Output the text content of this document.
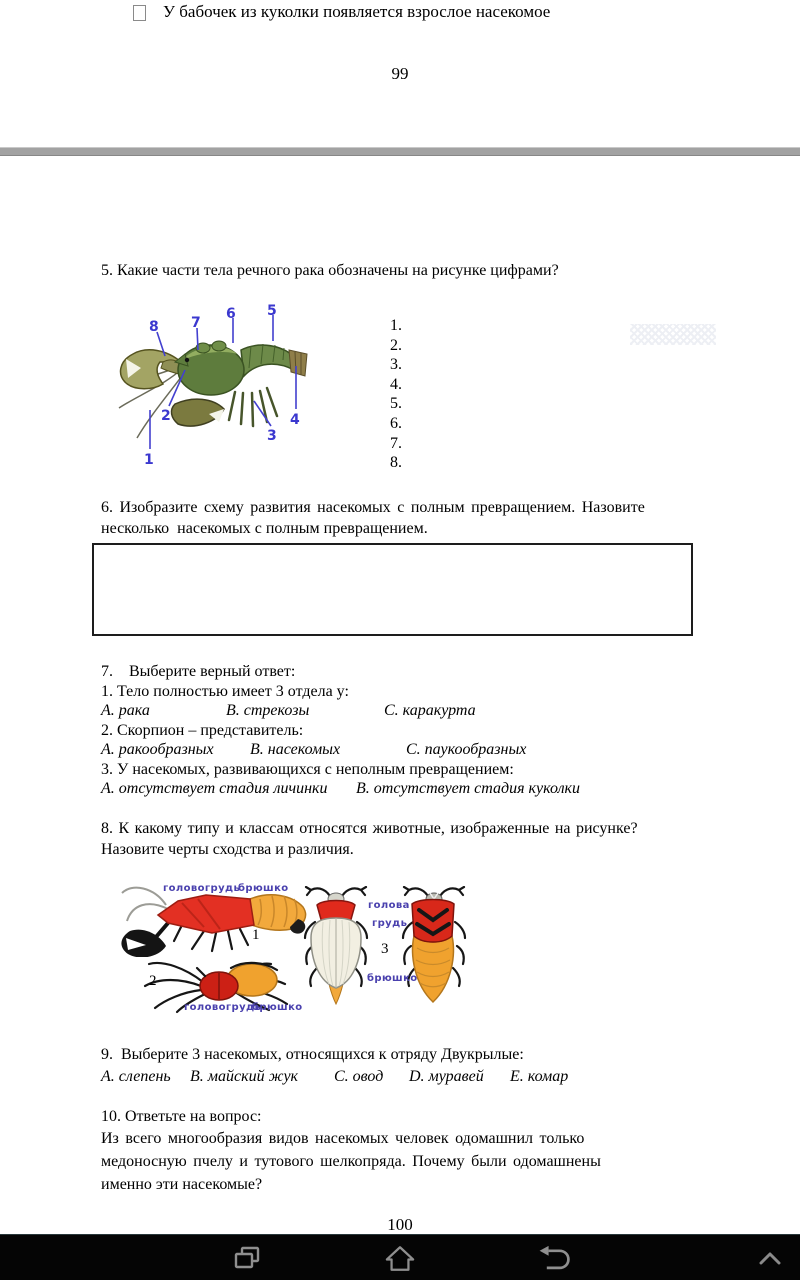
У бабочек из куколки появляется взрослое насекомое
99
5. Какие части тела речного рака обозначены на рисунке цифрами?
1
2
3
4
5
6
7
8	1.
2.
3.
4.
5.
6.
7.
8.
6. Изобразите схему развития насекомых с полным превращением. Назовите
несколько  насекомых с полным превращением.
7.    Выберите верный ответ:
1. Тело полностью имеет 3 отдела у:
А. рака	В. стрекозы	С. каракурта
2. Скорпион – представитель:
А. ракообразных В. насекомых	С. паукообразных
3. У насекомых, развивающихся с неполным превращением:
А. отсутствует стадия личинки В. отсутствует стадия куколки
8. К какому типу и классам относятся животные, изображенные на рисунке?
Назовите черты сходства и различия.
головогрудь
брюшко
головогрудь
брюшко
голова
грудь
брюшко
1
2
3
9.  Выберите 3 насекомых, относящихся к отряду Двукрылые:
А. слепень В. майский жук С. овод D. муравей Е. комар
10. Ответьте на вопрос:
Из всего многообразия видов насекомых человек одомашнил только
медоносную пчелу и тутового шелкопряда. Почему были одомашнены
именно эти насекомые?
100
